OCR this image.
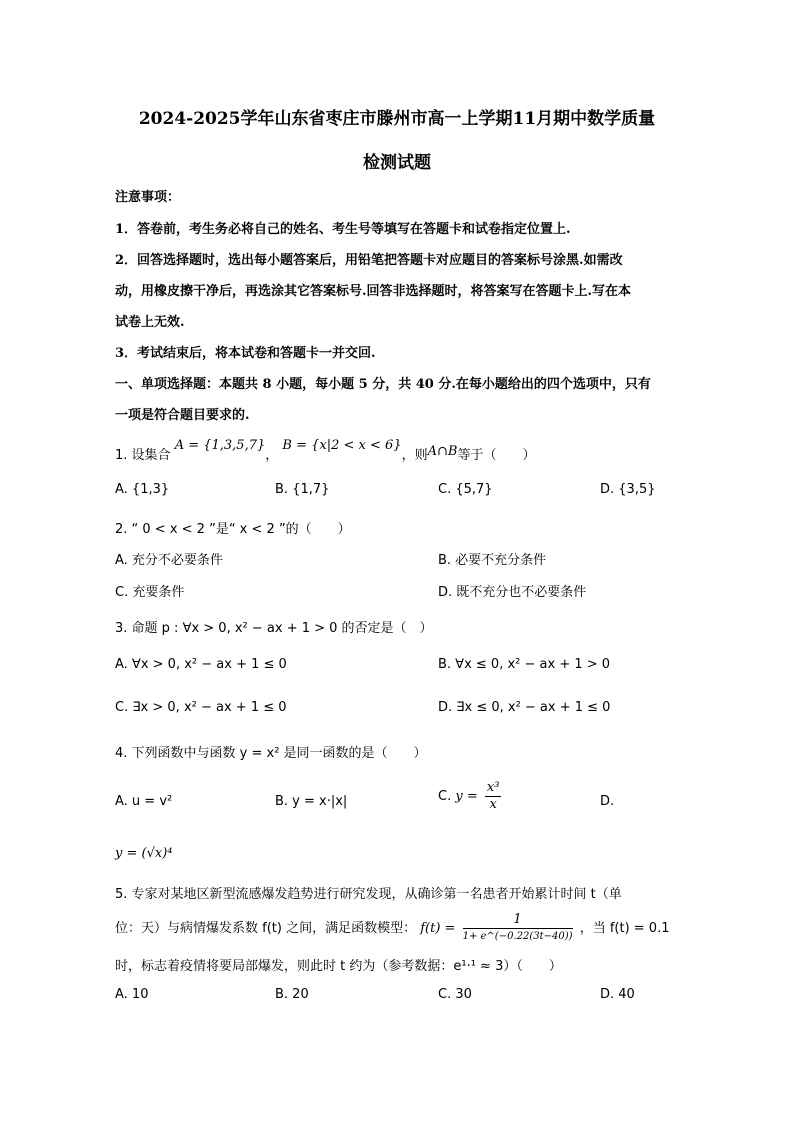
2024-2025学年山东省枣庄市滕州市高一上学期11月期中数学质量
检测试题
注意事项：
1．答卷前，考生务必将自己的姓名、考生号等填写在答题卡和试卷指定位置上.
2．回答选择题时，选出每小题答案后，用铅笔把答题卡对应题目的答案标号涂黑.如需改
动，用橡皮擦干净后，再选涂其它答案标号.回答非选择题时，将答案写在答题卡上.写在本
试卷上无效.
3．考试结束后，将本试卷和答题卡一并交回.
一、单项选择题：本题共 8 小题，每小题 5 分，共 40 分.在每小题给出的四个选项中，只有
一项是符合题目要求的.
1. 设集合 A = {1,3,5,7}， B = {x|2 < x < 6}，则A∩B等于（　　）
A. {1,3}	B. {1,7}	C. {5,7}	D. {3,5}
2. “ 0 < x < 2 ”是“ x < 2 ”的（　　）
A. 充分不必要条件	B. 必要不充分条件
C. 充要条件	D. 既不充分也不必要条件
3. 命题 p : ∀x > 0, x² − ax + 1 > 0 的否定是（　）
A. ∀x > 0, x² − ax + 1 ≤ 0	B. ∀x ≤ 0, x² − ax + 1 > 0
C. ∃x > 0, x² − ax + 1 ≤ 0	D. ∃x ≤ 0, x² − ax + 1 ≤ 0
4. 下列函数中与函数 y = x² 是同一函数的是（　　）
A. u = v²	B. y = x·|x|	C. $y = \frac{\text{x³}}{x}$	D.
y = (√x)⁴
5. 专家对某地区新型流感爆发趋势进行研究发现，从确诊第一名患者开始累计时间 t（单
位：天）与病情爆发系数 f(t) 之间，满足函数模型： $f(t) = \frac{1}{1+ e\^{}(-0.22(3t-40))}$ ，当 f(t) = 0.1
时，标志着疫情将要局部爆发，则此时 t 约为（参考数据：e¹·¹ ≈ 3）（　　）
A. 10	B. 20	C. 30	D. 40
